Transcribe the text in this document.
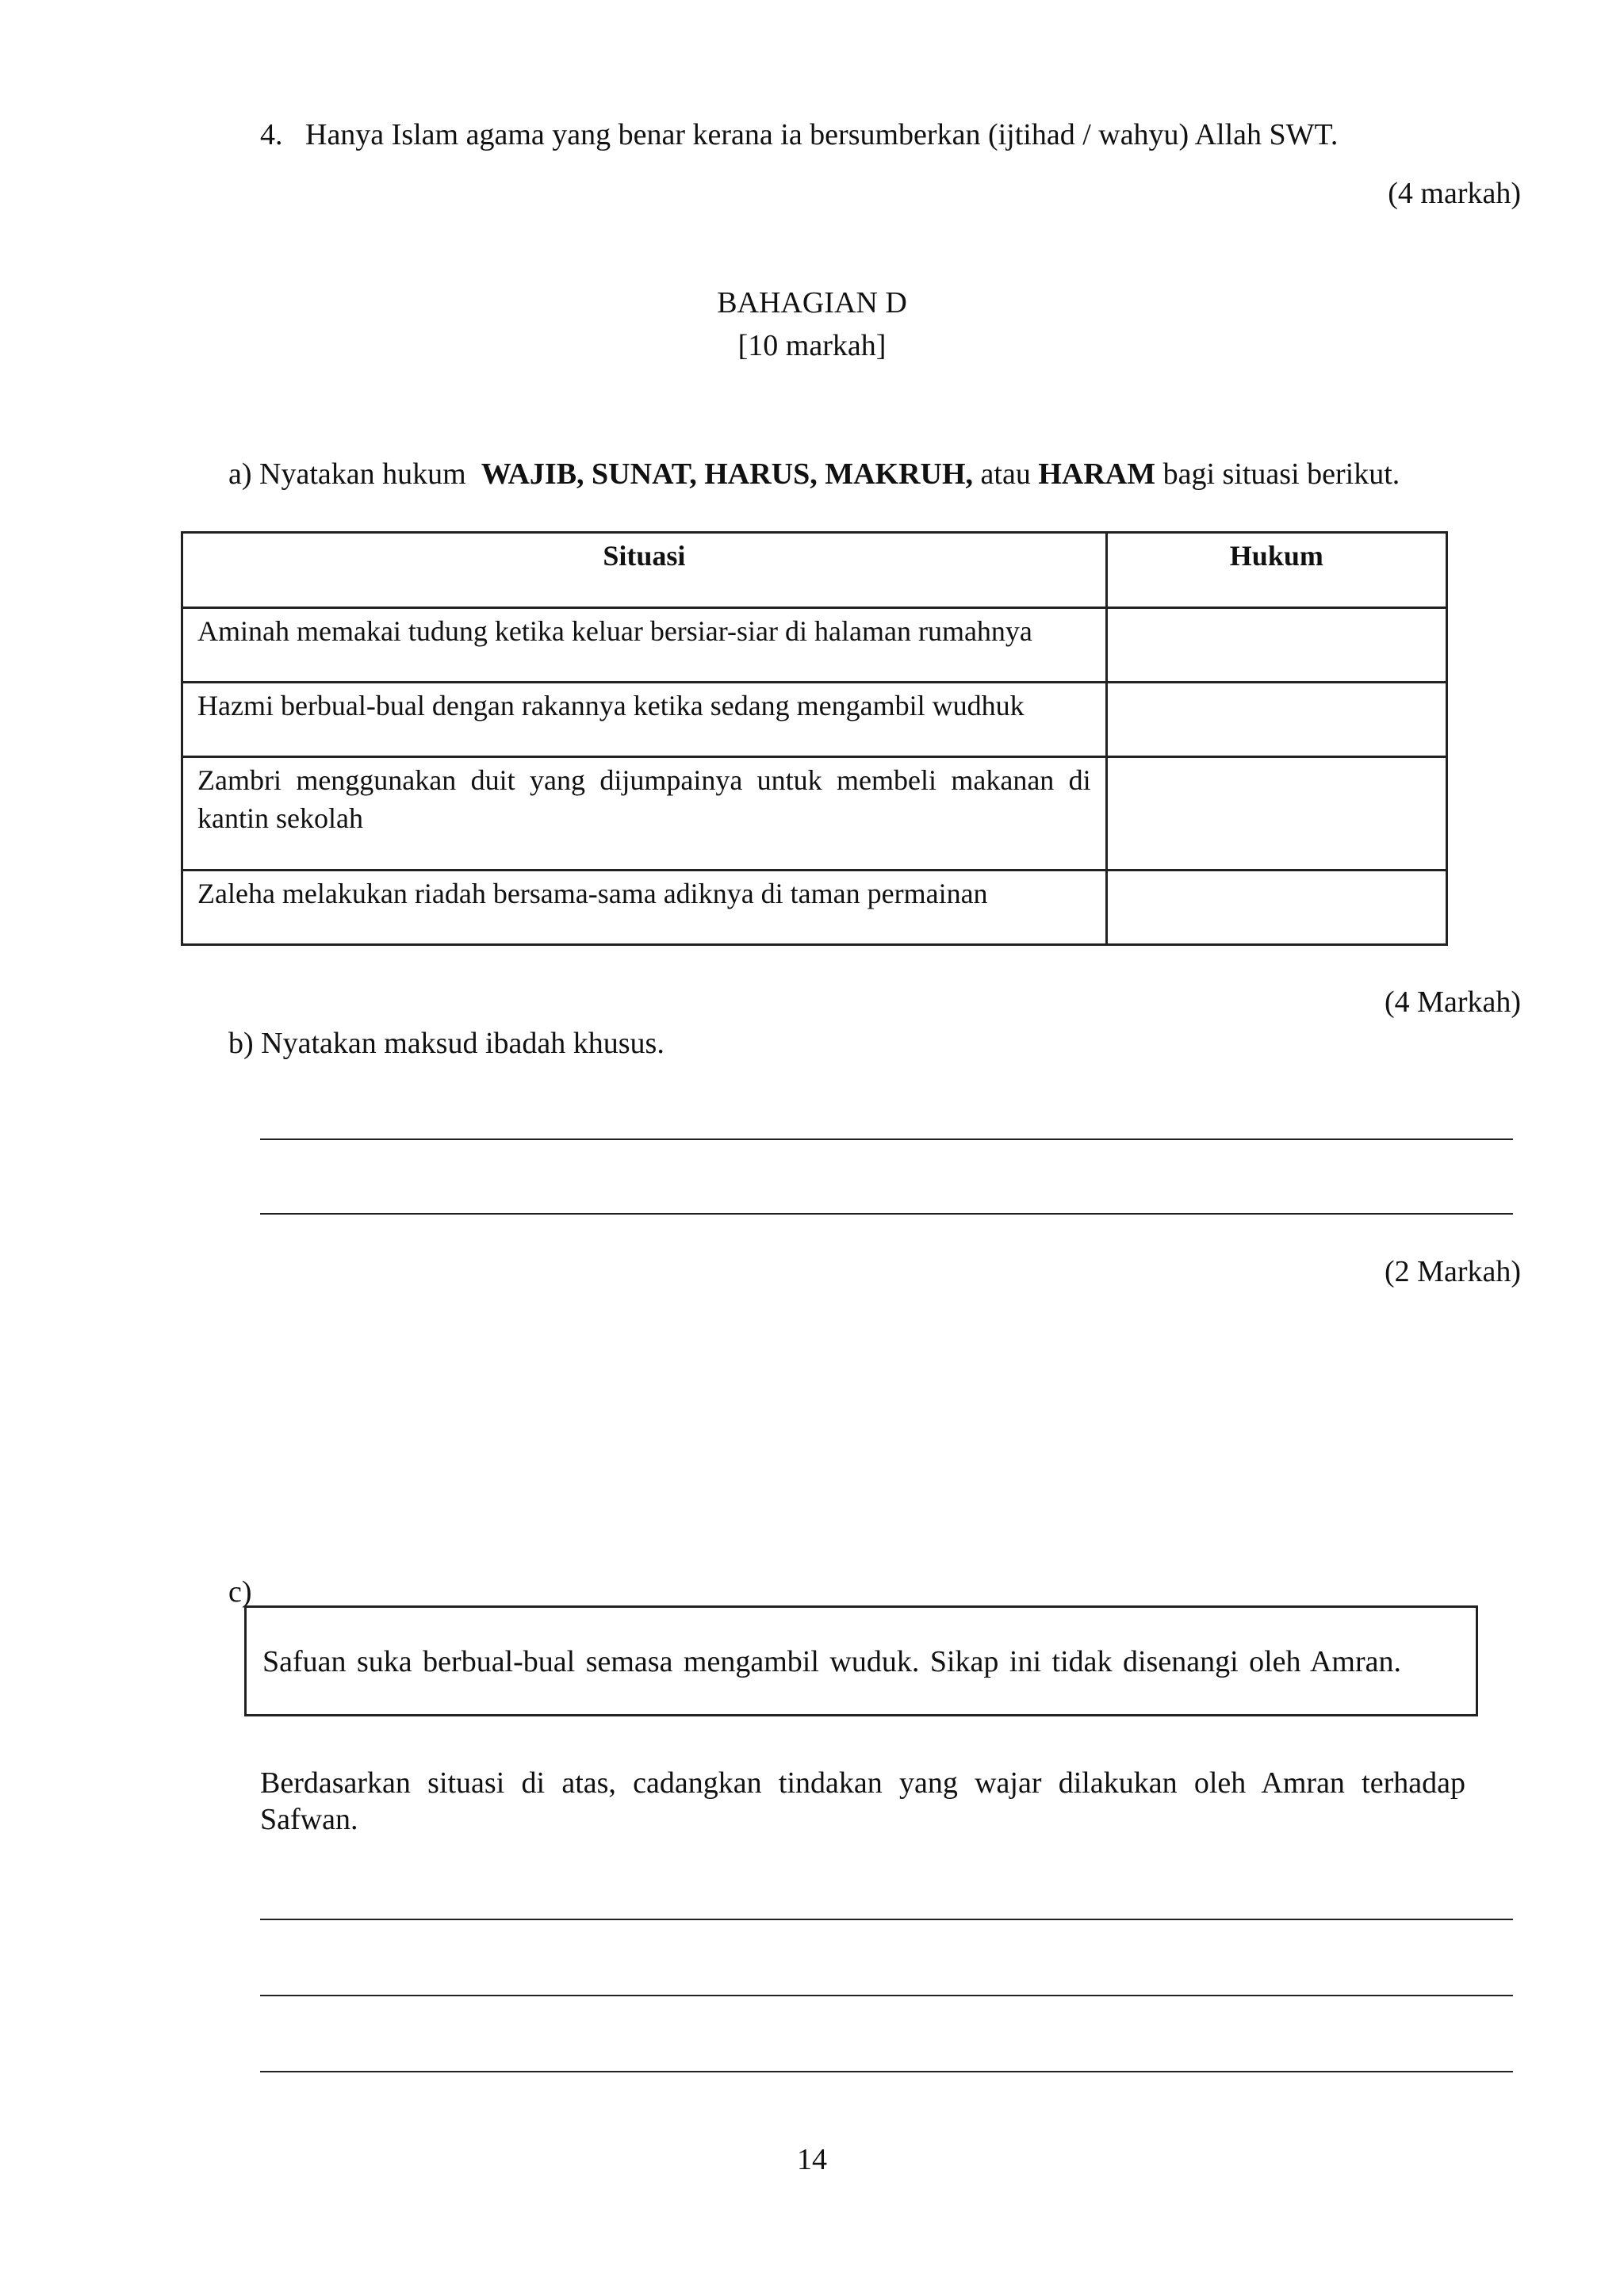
4. Hanya Islam agama yang benar kerana ia bersumberkan (ijtihad / wahyu) Allah SWT.
(4 markah)
BAHAGIAN D
[10 markah]
a) Nyatakan hukum WAJIB, SUNAT, HARUS, MAKRUH, atau HARAM bagi situasi berikut.
Situasi	Hukum
Aminah memakai tudung ketika keluar bersiar-siar di halaman rumahnya	
Hazmi berbual-bual dengan rakannya ketika sedang mengambil wudhuk	
Zambri menggunakan duit yang dijumpainya untuk membeli makanan di kantin sekolah	
Zaleha melakukan riadah bersama-sama adiknya di taman permainan	
(4 Markah)
b) Nyatakan maksud ibadah khusus.
(2 Markah)
c)
Safuan suka berbual-bual semasa mengambil wuduk. Sikap ini tidak disenangi oleh Amran.
Berdasarkan situasi di atas, cadangkan tindakan yang wajar dilakukan oleh Amran terhadap Safwan.
14
